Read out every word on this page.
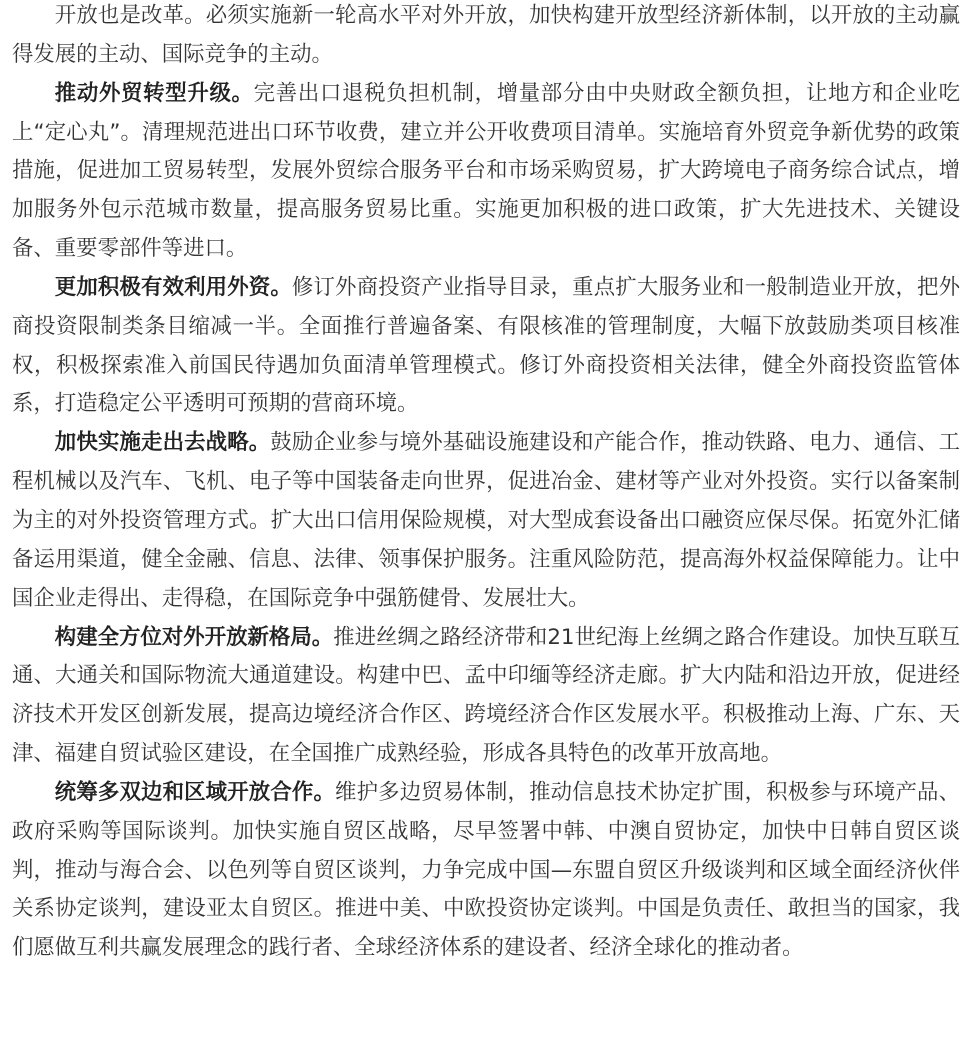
开放也是改革。必须实施新一轮高水平对外开放，加快构建开放型经济新体制，以开放的主动赢得发展的主动、国际竞争的主动。

推动外贸转型升级。完善出口退税负担机制，增量部分由中央财政全额负担，让地方和企业吃上“定心丸”。清理规范进出口环节收费，建立并公开收费项目清单。实施培育外贸竞争新优势的政策措施，促进加工贸易转型，发展外贸综合服务平台和市场采购贸易，扩大跨境电子商务综合试点，增加服务外包示范城市数量，提高服务贸易比重。实施更加积极的进口政策，扩大先进技术、关键设备、重要零部件等进口。

更加积极有效利用外资。修订外商投资产业指导目录，重点扩大服务业和一般制造业开放，把外商投资限制类条目缩减一半。全面推行普遍备案、有限核准的管理制度，大幅下放鼓励类项目核准权，积极探索准入前国民待遇加负面清单管理模式。修订外商投资相关法律，健全外商投资监管体系，打造稳定公平透明可预期的营商环境。

加快实施走出去战略。鼓励企业参与境外基础设施建设和产能合作，推动铁路、电力、通信、工程机械以及汽车、飞机、电子等中国装备走向世界，促进冶金、建材等产业对外投资。实行以备案制为主的对外投资管理方式。扩大出口信用保险规模，对大型成套设备出口融资应保尽保。拓宽外汇储备运用渠道，健全金融、信息、法律、领事保护服务。注重风险防范，提高海外权益保障能力。让中国企业走得出、走得稳，在国际竞争中强筋健骨、发展壮大。

构建全方位对外开放新格局。推进丝绸之路经济带和21世纪海上丝绸之路合作建设。加快互联互通、大通关和国际物流大通道建设。构建中巴、孟中印缅等经济走廊。扩大内陆和沿边开放，促进经济技术开发区创新发展，提高边境经济合作区、跨境经济合作区发展水平。积极推动上海、广东、天津、福建自贸试验区建设，在全国推广成熟经验，形成各具特色的改革开放高地。

统筹多双边和区域开放合作。维护多边贸易体制，推动信息技术协定扩围，积极参与环境产品、政府采购等国际谈判。加快实施自贸区战略，尽早签署中韩、中澳自贸协定，加快中日韩自贸区谈判，推动与海合会、以色列等自贸区谈判，力争完成中国—东盟自贸区升级谈判和区域全面经济伙伴关系协定谈判，建设亚太自贸区。推进中美、中欧投资协定谈判。中国是负责任、敢担当的国家，我们愿做互利共赢发展理念的践行者、全球经济体系的建设者、经济全球化的推动者。
